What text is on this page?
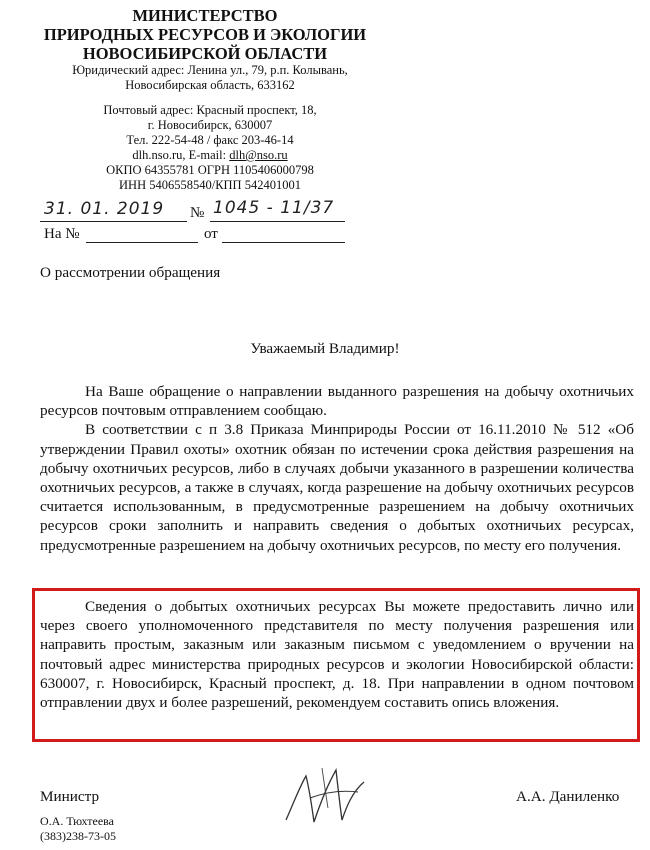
МИНИСТЕРСТВО
ПРИРОДНЫХ РЕСУРСОВ И ЭКОЛОГИИ
НОВОСИБИРСКОЙ ОБЛАСТИ
Юридический адрес: Ленина ул., 79, р.п. Колывань,
Новосибирская область, 633162
Почтовый адрес: Красный проспект, 18,
г. Новосибирск, 630007
Тел. 222-54-48 / факс 203-46-14
dlh.nso.ru, E-mail: dlh@nso.ru
ОКПО 64355781 ОГРН 1105406000798
ИНН 5406558540/КПП 542401001
31. 01. 2019 № 1045 - 11/37
На №	от
О рассмотрении обращения
Уважаемый Владимир!

На Ваше обращение о направлении выданного разрешения на добычу охотничьих ресурсов почтовым отправлением сообщаю.

В соответствии с п 3.8 Приказа Минприроды России от 16.11.2010 № 512 «Об утверждении Правил охоты» охотник обязан по истечении срока действия разрешения на добычу охотничьих ресурсов, либо в случаях добычи указанного в разрешении количества охотничьих ресурсов, а также в случаях, когда разрешение на добычу охотничьих ресурсов считается использованным, в предусмотренные разрешением на добычу охотничьих ресурсов сроки заполнить и направить сведения о добытых охотничьих ресурсах, предусмотренные разрешением на добычу охотничьих ресурсов, по месту его получения.

Сведения о добытых охотничьих ресурсах Вы можете предоставить лично или через своего уполномоченного представителя по месту получения разрешения или направить простым, заказным или заказным письмом с уведомлением о вручении на почтовый адрес министерства природных ресурсов и экологии Новосибирской области: 630007, г. Новосибирск, Красный проспект, д. 18. При направлении в одном почтовом отправлении двух и более разрешений, рекомендуем составить опись вложения.

Министр	А.А. Даниленко
О.А. Тюхтеева
(383)238-73-05
